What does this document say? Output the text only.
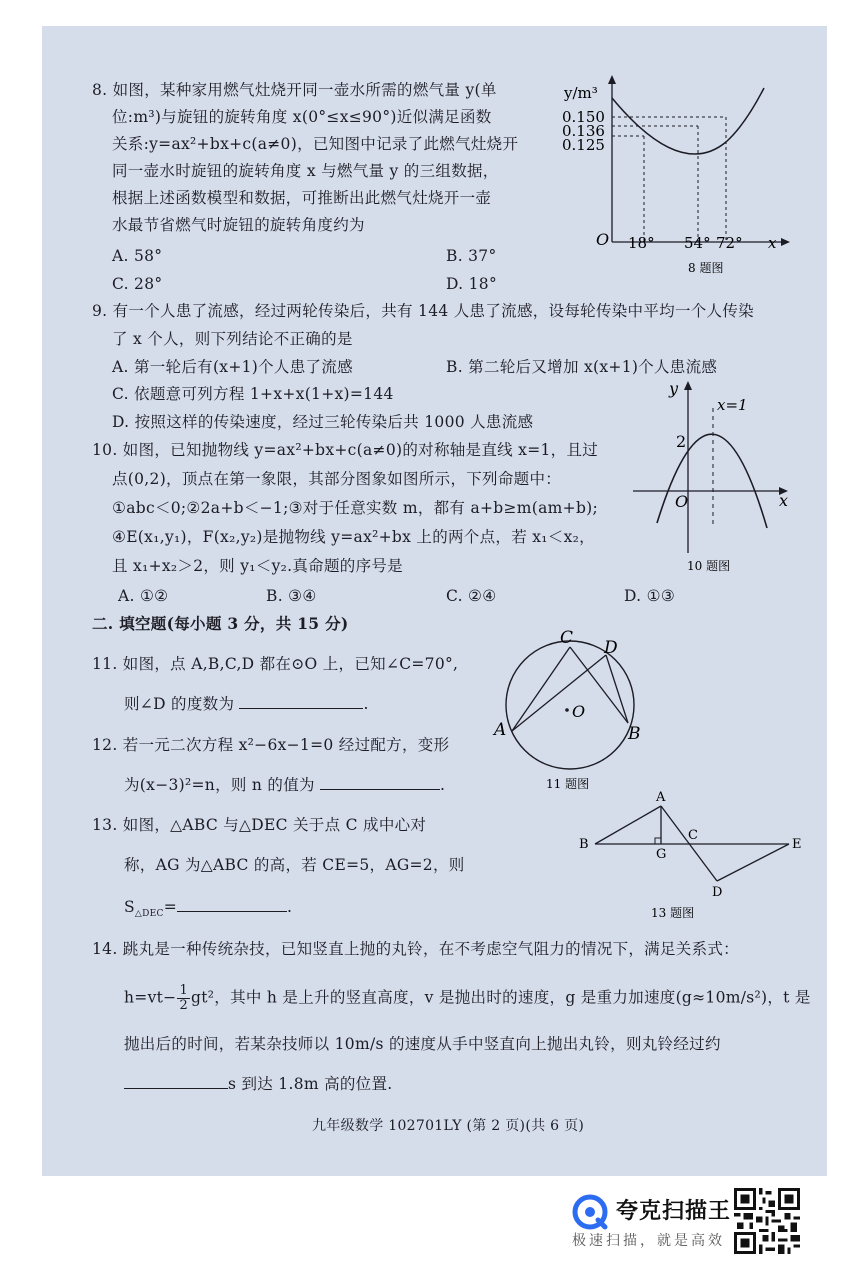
8. 如图，某种家用燃气灶烧开同一壶水所需的燃气量 y(单
位:m³)与旋钮的旋转角度 x(0°≤x≤90°)近似满足函数
关系:y=ax²+bx+c(a≠0)，已知图中记录了此燃气灶烧开
同一壶水时旋钮的旋转角度 x 与燃气量 y 的三组数据，
根据上述函数模型和数据，可推断出此燃气灶烧开一壶
水最节省燃气时旋钮的旋转角度约为
A. 58°	B. 37°
C. 28°	D. 18°
y/m³
0.150
0.136
0.125
O 18° 54° 72° x
8 题图
9. 有一个人患了流感，经过两轮传染后，共有 144 人患了流感，设每轮传染中平均一个人传染
了 x 个人，则下列结论不正确的是
A. 第一轮后有(x+1)个人患了流感	B. 第二轮后又增加 x(x+1)个人患流感
C. 依题意可列方程 1+x+x(1+x)=144
D. 按照这样的传染速度，经过三轮传染后共 1000 人患流感
10. 如图，已知抛物线 y=ax²+bx+c(a≠0)的对称轴是直线 x=1，且过
点(0,2)，顶点在第一象限，其部分图象如图所示，下列命题中：
①abc＜0;②2a+b＜−1;③对于任意实数 m，都有 a+b≥m(am+b);
④E(x₁,y₁)，F(x₂,y₂)是抛物线 y=ax²+bx 上的两个点，若 x₁＜x₂，
且 x₁+x₂＞2，则 y₁＜y₂.真命题的序号是
A. ①②	B. ③④	C. ②④	D. ①③
y
x=1
2
O	x
10 题图
二. 填空题(每小题 3 分，共 15 分)
11. 如图，点 A,B,C,D 都在⊙O 上，已知∠C=70°,
则∠D 的度数为	.
C D
A	B
O
11 题图
12. 若一元二次方程 x²−6x−1=0 经过配方，变形
为(x−3)²=n，则 n 的值为	.
13. 如图，△ABC 与△DEC 关于点 C 成中心对
称，AG 为△ABC 的高，若 CE=5，AG=2，则
$S_{\triangle DEC}=$	.
A
B
C
D
E
G
13 题图
14. 跳丸是一种传统杂技，已知竖直上抛的丸铃，在不考虑空气阻力的情况下，满足关系式：
$h=vt- \frac{1}{2} gt^2$，其中 h 是上升的竖直高度，v 是抛出时的速度，g 是重力加速度(g≈10m/s²)，t 是
抛出后的时间，若某杂技师以 10m/s 的速度从手中竖直向上抛出丸铃，则丸铃经过约
s 到达 1.8m 高的位置.
九年级数学 102701LY (第 2 页)(共 6 页)
夸克扫描王
极速扫描，就是高效
